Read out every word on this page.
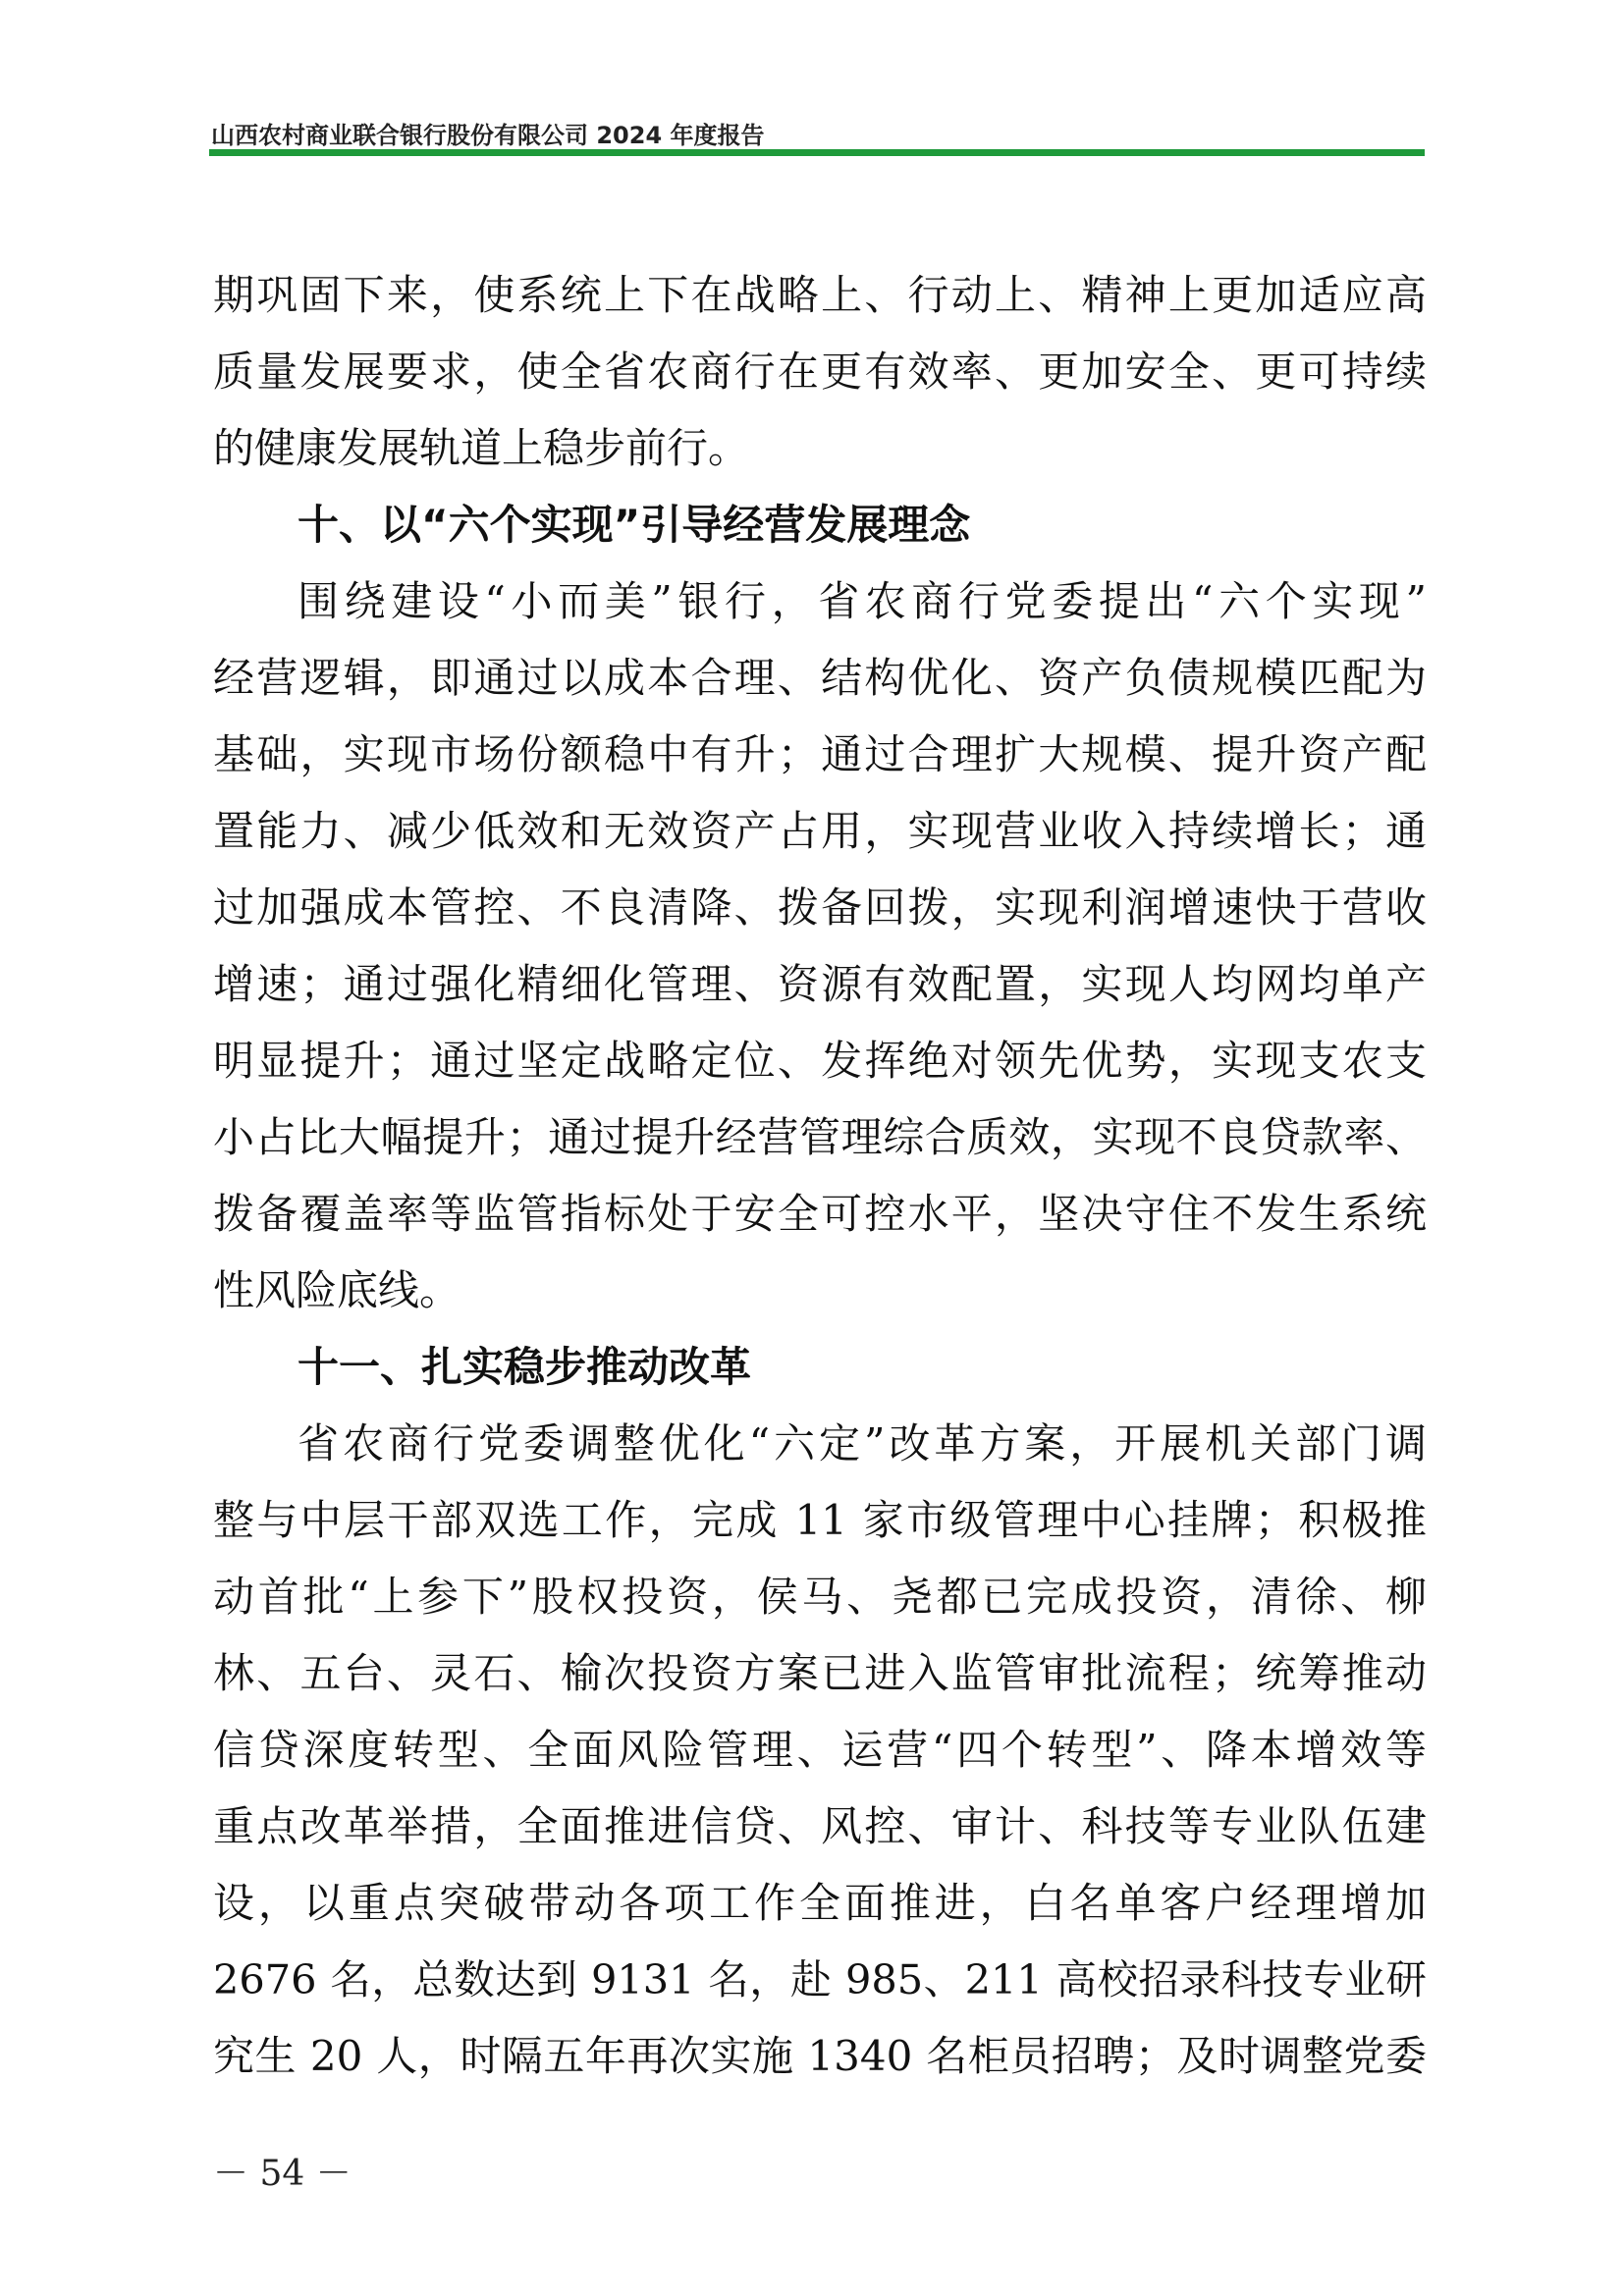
山西农村商业联合银行股份有限公司 2024 年度报告
期巩固下来，使系统上下在战略上、行动上、精神上更加适应高
质量发展要求，使全省农商行在更有效率、更加安全、更可持续
的健康发展轨道上稳步前行。
十、以“六个实现”引导经营发展理念
围绕建设“小而美”银行，省农商行党委提出“六个实现”
经营逻辑，即通过以成本合理、结构优化、资产负债规模匹配为
基础，实现市场份额稳中有升；通过合理扩大规模、提升资产配
置能力、减少低效和无效资产占用，实现营业收入持续增长；通
过加强成本管控、不良清降、拨备回拨，实现利润增速快于营收
增速；通过强化精细化管理、资源有效配置，实现人均网均单产
明显提升；通过坚定战略定位、发挥绝对领先优势，实现支农支
小占比大幅提升；通过提升经营管理综合质效，实现不良贷款率、
拨备覆盖率等监管指标处于安全可控水平，坚决守住不发生系统
性风险底线。
十一、扎实稳步推动改革
省农商行党委调整优化“六定”改革方案，开展机关部门调
整与中层干部双选工作，完成 11 家市级管理中心挂牌；积极推
动首批“上参下”股权投资，侯马、尧都已完成投资，清徐、柳
林、五台、灵石、榆次投资方案已进入监管审批流程；统筹推动
信贷深度转型、全面风险管理、运营“四个转型”、降本增效等
重点改革举措，全面推进信贷、风控、审计、科技等专业队伍建
设，以重点突破带动各项工作全面推进，白名单客户经理增加
2676 名，总数达到 9131 名，赴 985、211 高校招录科技专业研
究生 20 人，时隔五年再次实施 1340 名柜员招聘；及时调整党委
－ 54 －
